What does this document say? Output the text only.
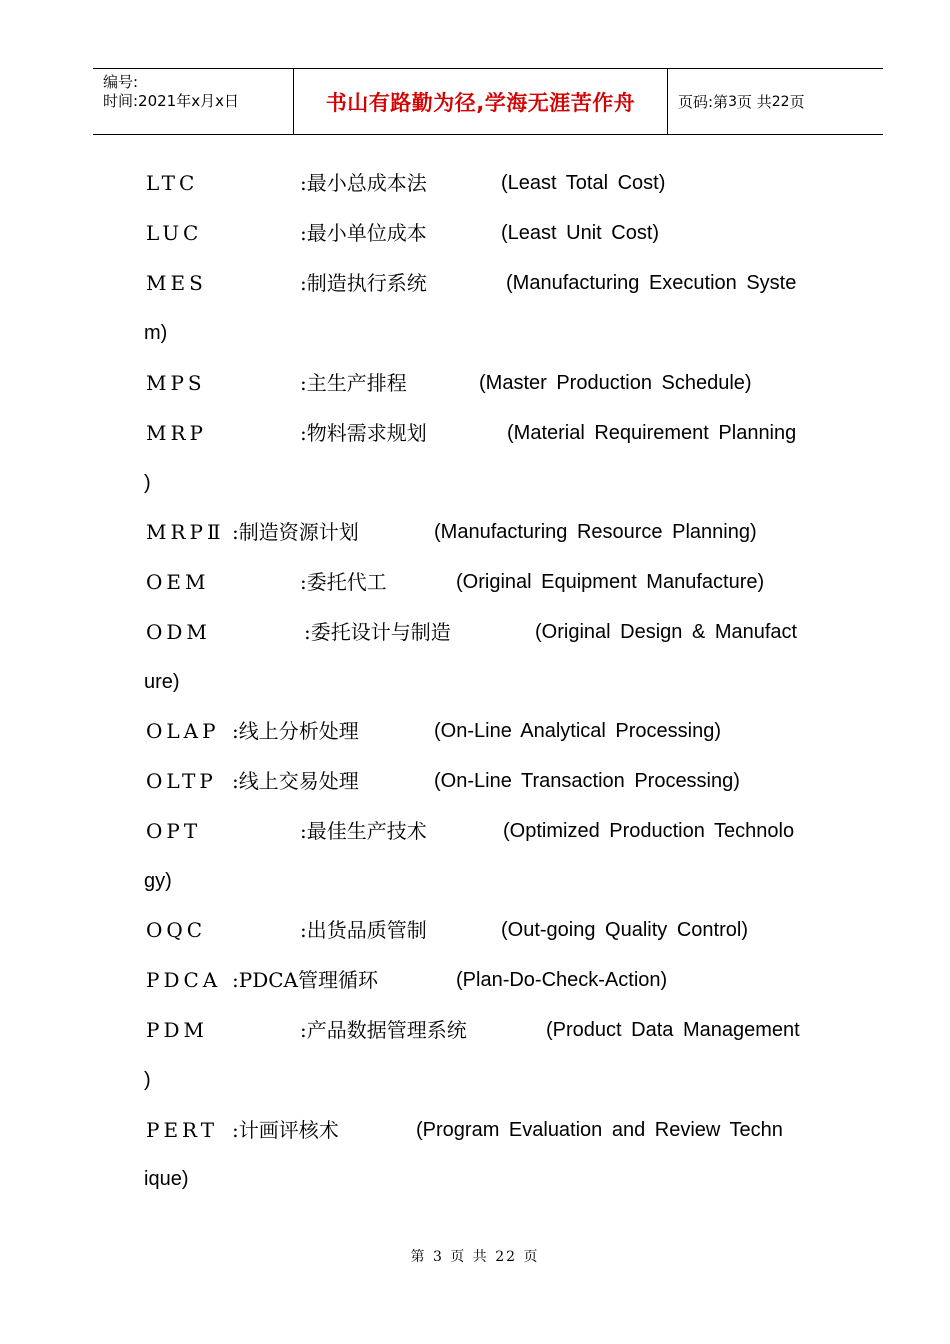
编号:
时间:2021年x月x日	书山有路勤为径,学海无涯苦作舟	页码:第 3 页 共 22 页
LTC	:最小总成本法	(Least Total Cost)
LUC	:最小单位成本	(Least Unit Cost)
MES	:制造执行系统	(Manufacturing Execution Syste
m)
MPS	:主生产排程	(Master Production Schedule)
MRP	:物料需求规划	(Material Requirement Planning
)
MRPⅡ :制造资源计划	(Manufacturing Resource Planning)
OEM	:委托代工	(Original Equipment Manufacture)
ODM	:委托设计与制造	(Original Design & Manufact
ure)
OLAP :线上分析处理	(On-Line Analytical Processing)
OLTP :线上交易处理	(On-Line Transaction Processing)
OPT	:最佳生产技术	(Optimized Production Technolo
gy)
OQC	:出货品质管制	(Out-going Quality Control)
PDCA :PDCA管理循环	(Plan-Do-Check-Action)
PDM	:产品数据管理系统	(Product Data Management
)
PERT :计画评核术	(Program Evaluation and Review Techn
ique)
第 3 页 共 22 页
